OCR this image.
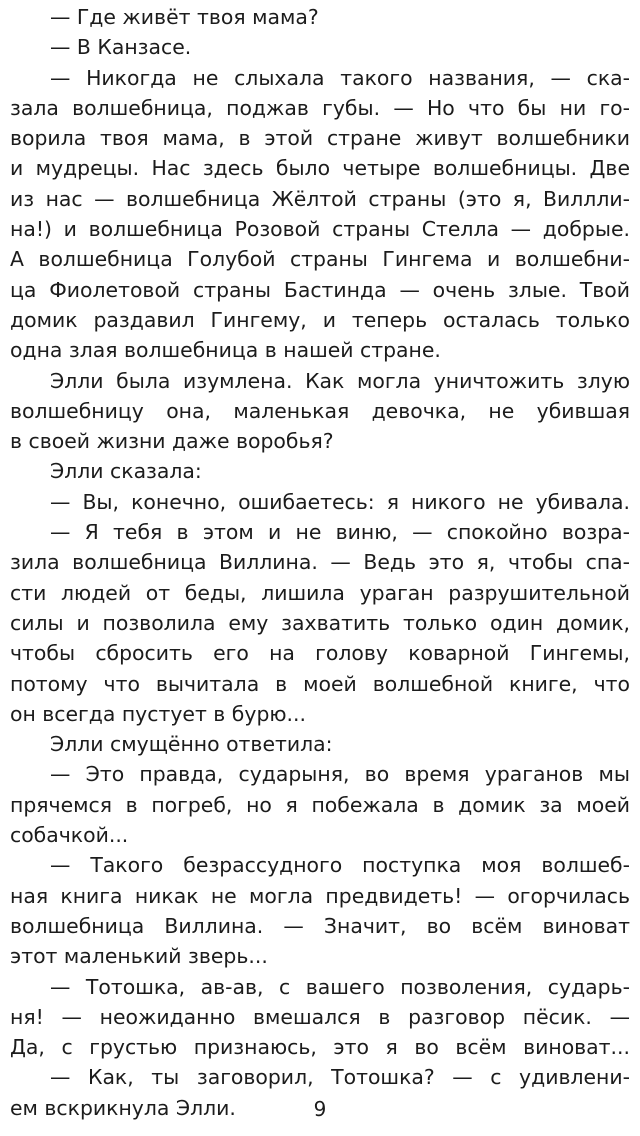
— Где живёт твоя мама?
— В Канзасе.
— Никогда не слыхала такого названия, — ска-
зала волшебница, поджав губы. — Но что бы ни го-
ворила твоя мама, в этой стране живут волшебники
и мудрецы. Нас здесь было четыре волшебницы. Две
из нас — волшебница Жёлтой страны (это я, Виллли-
на!) и волшебница Розовой страны Стелла — добрые.
А волшебница Голубой страны Гингема и волшебни-
ца Фиолетовой страны Бастинда — очень злые. Твой
домик раздавил Гингему, и теперь осталась только
одна злая волшебница в нашей стране.
Элли была изумлена. Как могла уничтожить злую
волшебницу она, маленькая девочка, не убившая
в своей жизни даже воробья?
Элли сказала:
— Вы, конечно, ошибаетесь: я никого не убивала.
— Я тебя в этом и не виню, — спокойно возра-
зила волшебница Виллина. — Ведь это я, чтобы спа-
сти людей от беды, лишила ураган разрушительной
силы и позволила ему захватить только один домик,
чтобы сбросить его на голову коварной Гингемы,
потому что вычитала в моей волшебной книге, что
он всегда пустует в бурю...
Элли смущённо ответила:
— Это правда, сударыня, во время ураганов мы
прячемся в погреб, но я побежала в домик за моей
собачкой...
— Такого безрассудного поступка моя волшеб-
ная книга никак не могла предвидеть! — огорчилась
волшебница Виллина. — Значит, во всём виноват
этот маленький зверь...
— Тотошка, ав-ав, с вашего позволения, сударь-
ня! — неожиданно вмешался в разговор пёсик. —
Да, с грустью признаюсь, это я во всём виноват...
— Как, ты заговорил, Тотошка? — с удивлени-
ем вскрикнула Элли.	9
